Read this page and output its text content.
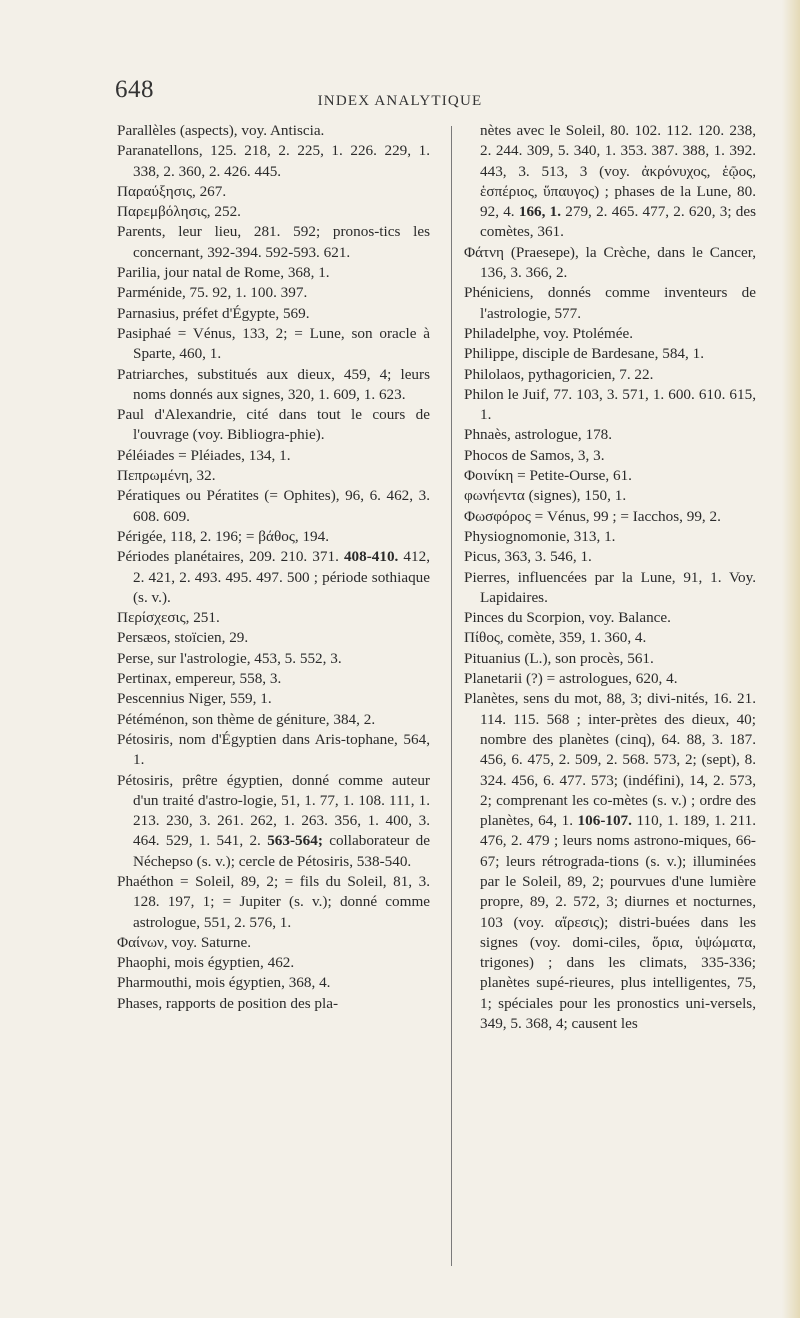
648	INDEX ANALYTIQUE

Parallèles (aspects), voy. Antiscia.

Paranatellons, 125. 218, 2. 225, 1. 226. 229, 1. 338, 2. 360, 2. 426. 445.

Παραύξησις, 267.

Παρεμβόλησις, 252.

Parents, leur lieu, 281. 592; pronos-tics les concernant, 392-394. 592-593. 621.

Parilia, jour natal de Rome, 368, 1.

Parménide, 75. 92, 1. 100. 397.

Parnasius, préfet d'Égypte, 569.

Pasiphaé = Vénus, 133, 2; = Lune, son oracle à Sparte, 460, 1.

Patriarches, substitués aux dieux, 459, 4; leurs noms donnés aux signes, 320, 1. 609, 1. 623.

Paul d'Alexandrie, cité dans tout le cours de l'ouvrage (voy. Bibliogra-phie).

Péléiades = Pléiades, 134, 1.

Πεπρωμένη, 32.

Pératiques ou Pératites (= Ophites), 96, 6. 462, 3. 608. 609.

Périgée, 118, 2. 196; = βάθος, 194.

Périodes planétaires, 209. 210. 371. 408-410. 412, 2. 421, 2. 493. 495. 497. 500 ; période sothiaque (s. v.).

Περίσχεσις, 251.

Persæos, stoïcien, 29.

Perse, sur l'astrologie, 453, 5. 552, 3.

Pertinax, empereur, 558, 3.

Pescennius Niger, 559, 1.

Pétéménon, son thème de géniture, 384, 2.

Pétosiris, nom d'Égyptien dans Aris-tophane, 564, 1.

Pétosiris, prêtre égyptien, donné comme auteur d'un traité d'astro-logie, 51, 1. 77, 1. 108. 111, 1. 213. 230, 3. 261. 262, 1. 263. 356, 1. 400, 3. 464. 529, 1. 541, 2. 563-564; collaborateur de Néchepso (s. v.); cercle de Pétosiris, 538-540.

Phaéthon = Soleil, 89, 2; = fils du Soleil, 81, 3. 128. 197, 1; = Jupiter (s. v.); donné comme astrologue, 551, 2. 576, 1.

Φαίνων, voy. Saturne.

Phaophi, mois égyptien, 462.

Pharmouthi, mois égyptien, 368, 4.

Phases, rapports de position des pla-

nètes avec le Soleil, 80. 102. 112. 120. 238, 2. 244. 309, 5. 340, 1. 353. 387. 388, 1. 392. 443, 3. 513, 3 (voy. ἀκρόνυχος, ἑῷος, ἑσπέριος, ὕπαυγος) ; phases de la Lune, 80. 92, 4. 166, 1. 279, 2. 465. 477, 2. 620, 3; des comètes, 361.

Φάτνη (Praesepe), la Crèche, dans le Cancer, 136, 3. 366, 2.

Phéniciens, donnés comme inventeurs de l'astrologie, 577.

Philadelphe, voy. Ptolémée.

Philippe, disciple de Bardesane, 584, 1.

Philolaos, pythagoricien, 7. 22.

Philon le Juif, 77. 103, 3. 571, 1. 600. 610. 615, 1.

Phnaès, astrologue, 178.

Phocos de Samos, 3, 3.

Φοινίκη = Petite-Ourse, 61.

φωνήεντα (signes), 150, 1.

Φωσφόρος = Vénus, 99 ; = Iacchos, 99, 2.

Physiognomonie, 313, 1.

Picus, 363, 3. 546, 1.

Pierres, influencées par la Lune, 91, 1. Voy. Lapidaires.

Pinces du Scorpion, voy. Balance.

Πίθος, comète, 359, 1. 360, 4.

Pituanius (L.), son procès, 561.

Planetarii (?) = astrologues, 620, 4.

Planètes, sens du mot, 88, 3; divi-nités, 16. 21. 114. 115. 568 ; inter-prètes des dieux, 40; nombre des planètes (cinq), 64. 88, 3. 187. 456, 6. 475, 2. 509, 2. 568. 573, 2; (sept), 8. 324. 456, 6. 477. 573; (indéfini), 14, 2. 573, 2; comprenant les co-mètes (s. v.) ; ordre des planètes, 64, 1. 106-107. 110, 1. 189, 1. 211. 476, 2. 479 ; leurs noms astrono-miques, 66-67; leurs rétrograda-tions (s. v.); illuminées par le Soleil, 89, 2; pourvues d'une lumière propre, 89, 2. 572, 3; diurnes et nocturnes, 103 (voy. αἵρεσις); distri-buées dans les signes (voy. domi-ciles, ὅρια, ὑψώματα, trigones) ; dans les climats, 335-336; planètes supé-rieures, plus intelligentes, 75, 1; spéciales pour les pronostics uni-versels, 349, 5. 368, 4; causent les
